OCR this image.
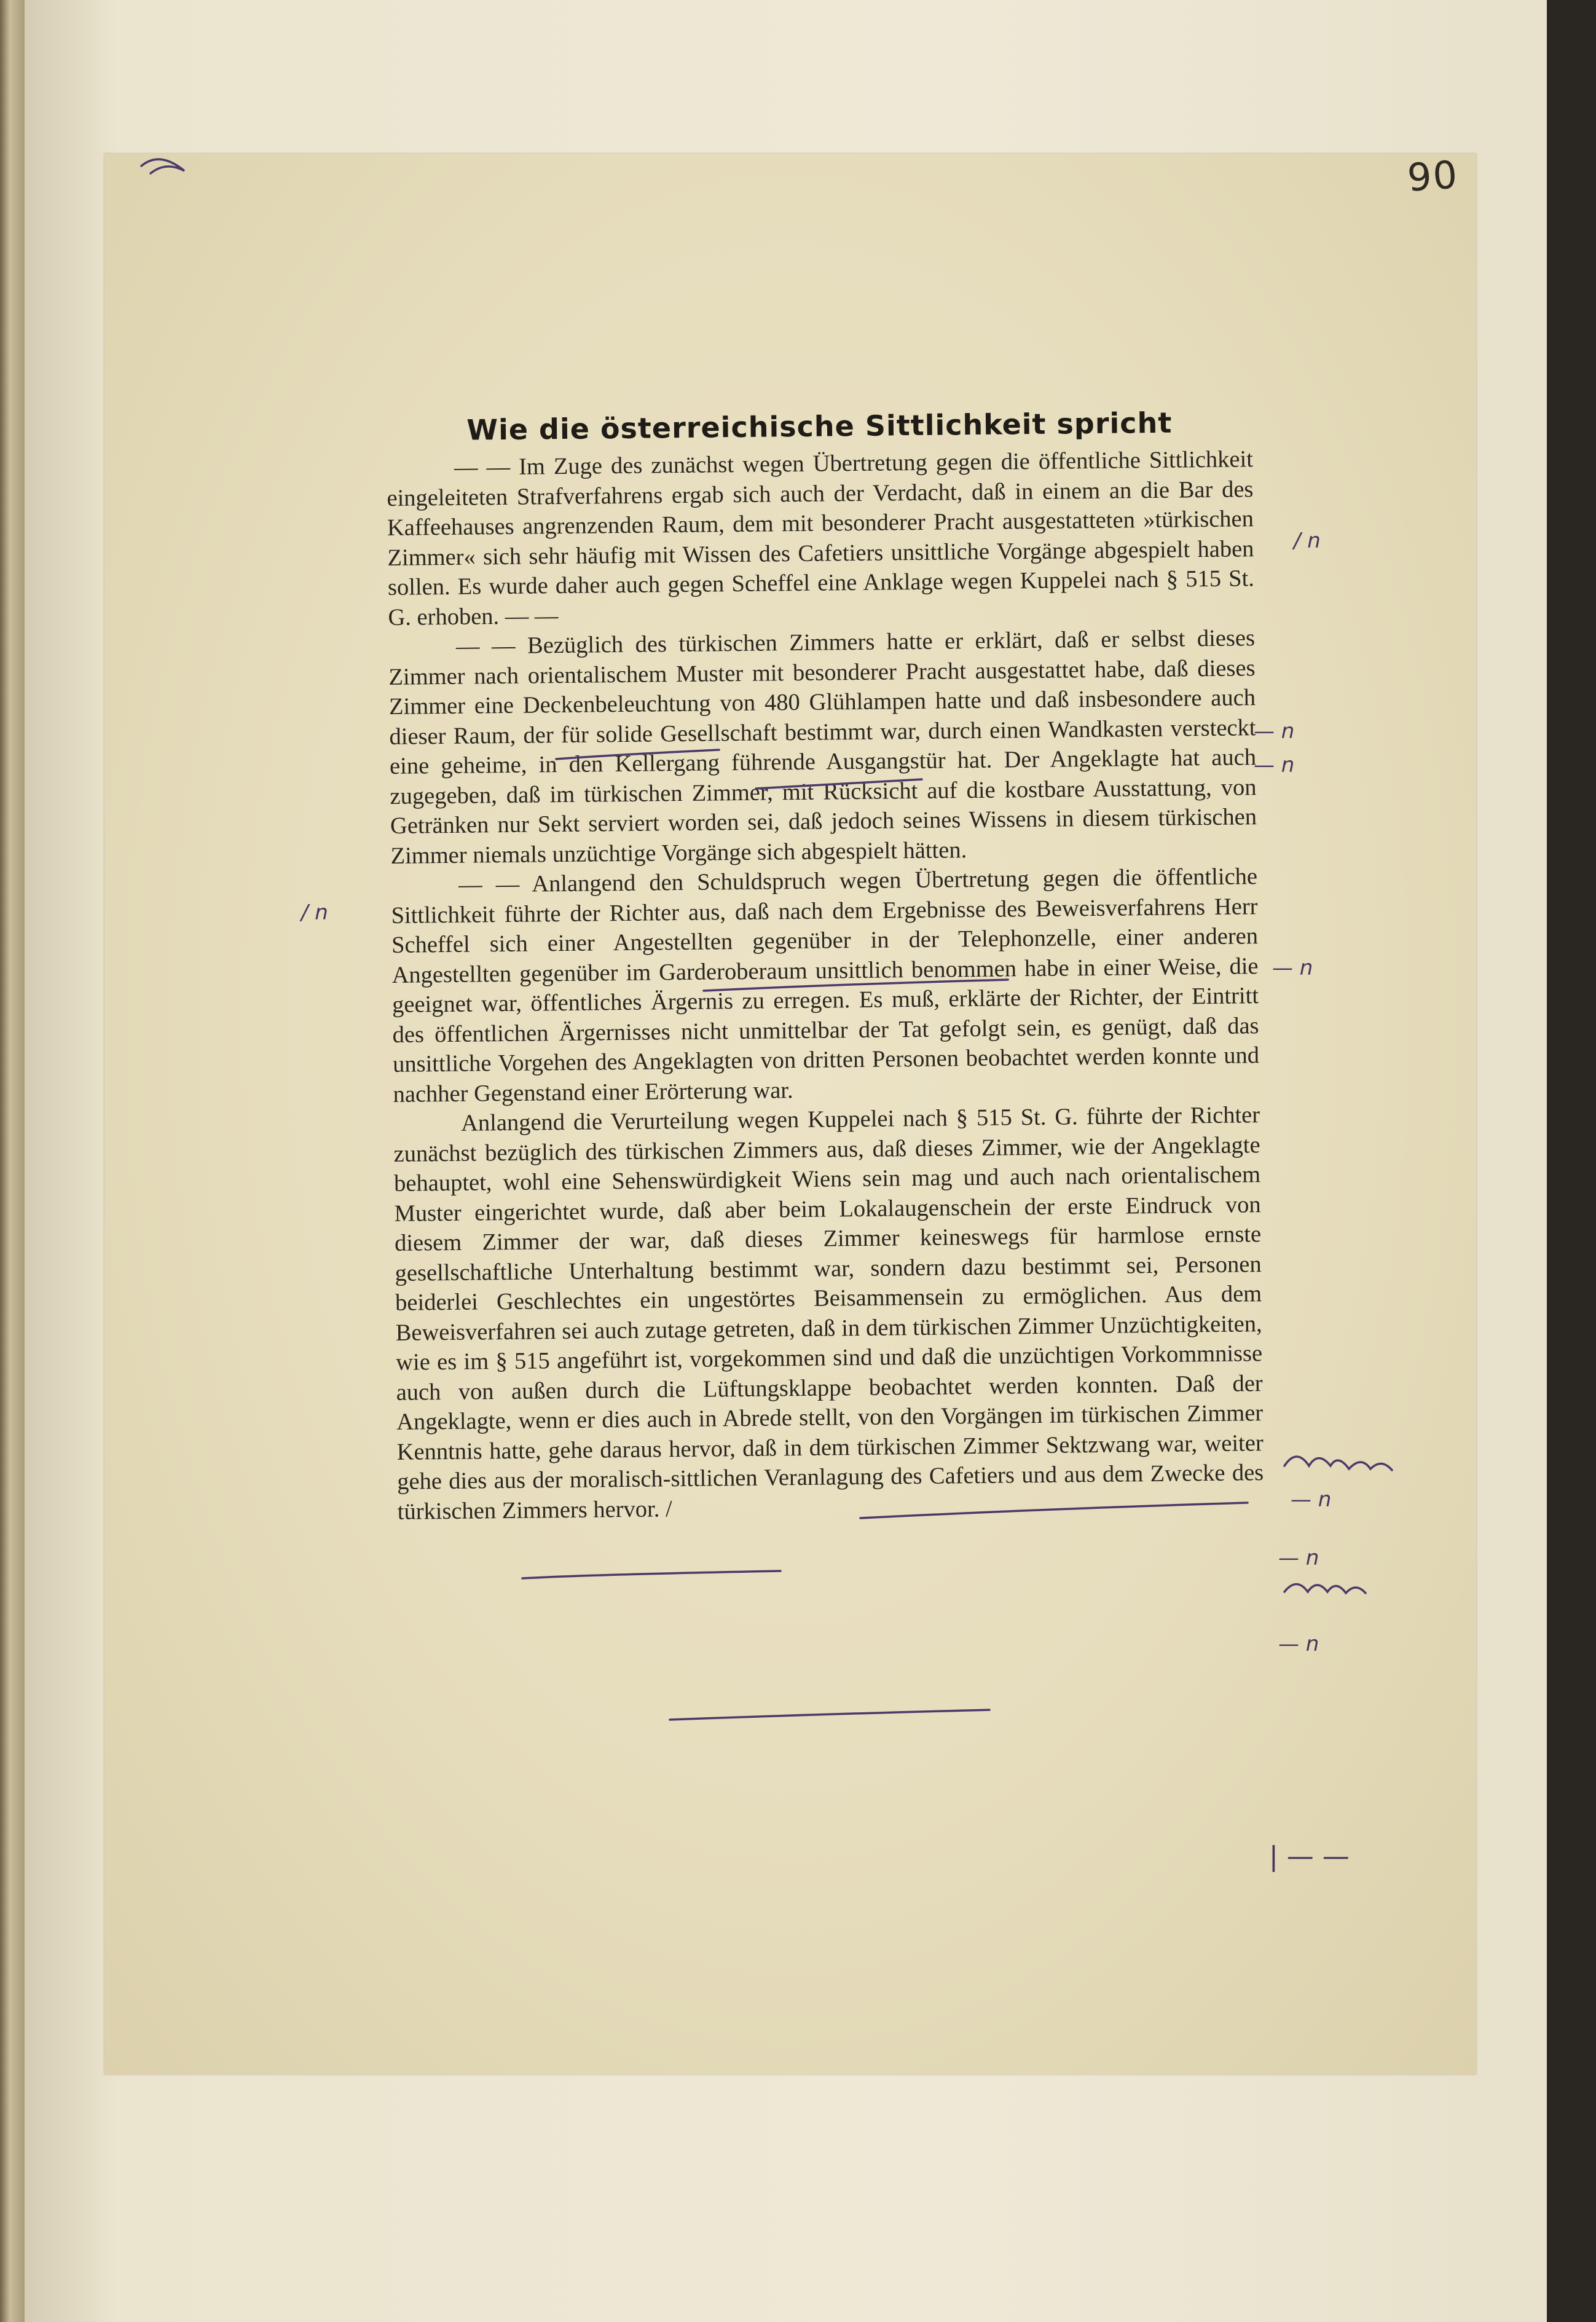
90
Wie die österreichische Sittlichkeit spricht

— — Im Zuge des zunächst wegen Übertretung gegen die öffentliche Sittlichkeit eingeleiteten Strafverfahrens ergab sich auch der Verdacht, daß in einem an die Bar des Kaffeehauses angrenzenden Raum, dem mit besonderer Pracht ausgestatteten »türkischen Zimmer« sich sehr häufig mit Wissen des Cafetiers unsittliche Vorgänge abgespielt haben sollen. Es wurde daher auch gegen Scheffel eine Anklage wegen Kuppelei nach § 515 St. G. erhoben. — —

— — Bezüglich des türkischen Zimmers hatte er erklärt, daß er selbst dieses Zimmer nach orientalischem Muster mit besonderer Pracht ausgestattet habe, daß dieses Zimmer eine Deckenbeleuchtung von 480 Glühlampen hatte und daß insbesondere auch dieser Raum, der für solide Gesellschaft bestimmt war, durch einen Wandkasten versteckt eine geheime, in den Kellergang führende Ausgangstür hat. Der Angeklagte hat auch zugegeben, daß im türkischen Zimmer, mit Rücksicht auf die kostbare Ausstattung, von Getränken nur Sekt serviert worden sei, daß jedoch seines Wissens in diesem türkischen Zimmer niemals unzüchtige Vorgänge sich abgespielt hätten.

— — Anlangend den Schuldspruch wegen Übertretung gegen die öffentliche Sittlichkeit führte der Richter aus, daß nach dem Ergebnisse des Beweisverfahrens Herr Scheffel sich einer Angestellten gegenüber in der Telephonzelle, einer anderen Angestellten gegenüber im Garderoberaum unsittlich benommen habe in einer Weise, die geeignet war, öffentliches Ärgernis zu erregen. Es muß, erklärte der Richter, der Eintritt des öffentlichen Ärgernisses nicht unmittelbar der Tat gefolgt sein, es genügt, daß das unsittliche Vorgehen des Angeklagten von dritten Personen beobachtet werden konnte und nachher Gegenstand einer Erörterung war.

Anlangend die Verurteilung wegen Kuppelei nach § 515 St. G. führte der Richter zunächst bezüglich des türkischen Zimmers aus, daß dieses Zimmer, wie der Angeklagte behauptet, wohl eine Sehenswürdigkeit Wiens sein mag und auch nach orientalischem Muster eingerichtet wurde, daß aber beim Lokalaugenschein der erste Eindruck von diesem Zimmer der war, daß dieses Zimmer keineswegs für harmlose ernste gesellschaftliche Unterhaltung bestimmt war, sondern dazu bestimmt sei, Personen beiderlei Geschlechtes ein ungestörtes Beisammensein zu ermöglichen. Aus dem Beweisverfahren sei auch zutage getreten, daß in dem türkischen Zimmer Unzüchtigkeiten, wie es im § 515 angeführt ist, vorgekommen sind und daß die unzüchtigen Vorkommnisse auch von außen durch die Lüftungsklappe beobachtet werden konnten. Daß der Angeklagte, wenn er dies auch in Abrede stellt, von den Vorgängen im türkischen Zimmer Kenntnis hatte, gehe daraus hervor, daß in dem türkischen Zimmer Sektzwang war, weiter gehe dies aus der moralisch-sittlichen Veranlagung des Cafetiers und aus dem Zwecke des türkischen Zimmers hervor. /

/ n
/ n
— n
— n
— n
— n
— n
— n
| — —
